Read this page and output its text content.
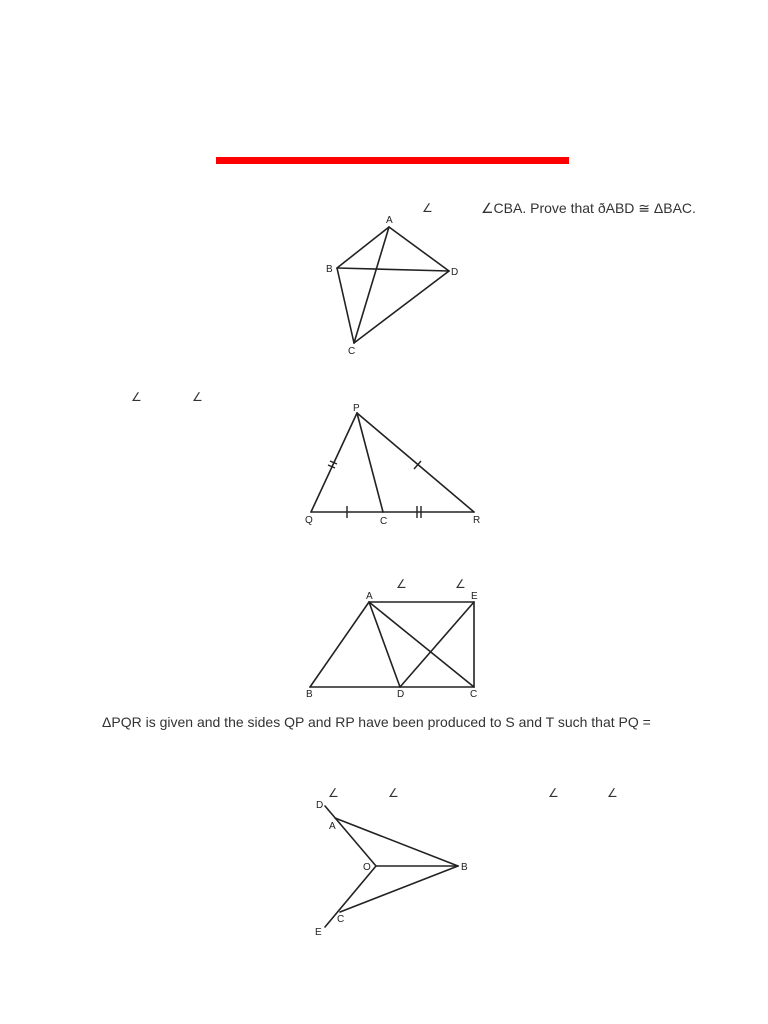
∠	∠CBA. Prove that ðABD ≅ ΔBAC.
∠	∠
∠	∠
ΔPQR is given and the sides QP and RP have been produced to S and T such that PQ =
∠	∠	∠	∠
A
B	D
C
P
Q	C	R
A	E
B	D	C
D
A
O	B
C
E
